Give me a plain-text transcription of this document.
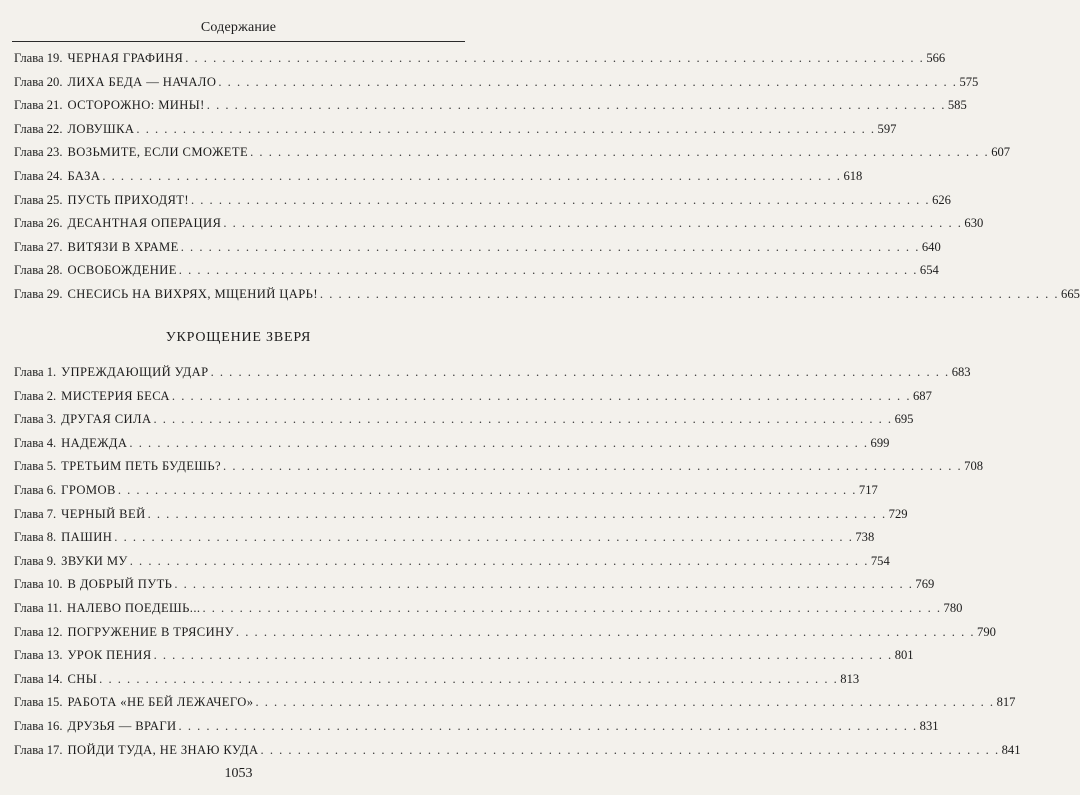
Содержание
Глава 19. ЧЕРНАЯ ГРАФИНЯ . . . . . . . . . . . . . . . . . . . . . . . . . . . . . . . . . . . . . . . . . . . . . . . . . . . . . . . . . . . . . . . . . . . . . . . . . . . . . . . . 566
Глава 20. ЛИХА БЕДА — НАЧАЛО . . . . . . . . . . . . . . . . . . . . . . . . . . . . . . . . . . . . . . . . . . . . . . . . . . . . . . . . . . . . . . . . . . . . . . . . . . . . . . . . 575
Глава 21. ОСТОРОЖНО: МИНЫ! . . . . . . . . . . . . . . . . . . . . . . . . . . . . . . . . . . . . . . . . . . . . . . . . . . . . . . . . . . . . . . . . . . . . . . . . . . . . . . . . 585
Глава 22. ЛОВУШКА . . . . . . . . . . . . . . . . . . . . . . . . . . . . . . . . . . . . . . . . . . . . . . . . . . . . . . . . . . . . . . . . . . . . . . . . . . . . . . . . 597
Глава 23. ВОЗЬМИТЕ, ЕСЛИ СМОЖЕТЕ . . . . . . . . . . . . . . . . . . . . . . . . . . . . . . . . . . . . . . . . . . . . . . . . . . . . . . . . . . . . . . . . . . . . . . . . . . . . . . . . 607
Глава 24. БАЗА . . . . . . . . . . . . . . . . . . . . . . . . . . . . . . . . . . . . . . . . . . . . . . . . . . . . . . . . . . . . . . . . . . . . . . . . . . . . . . . . 618
Глава 25. ПУСТЬ ПРИХОДЯТ! . . . . . . . . . . . . . . . . . . . . . . . . . . . . . . . . . . . . . . . . . . . . . . . . . . . . . . . . . . . . . . . . . . . . . . . . . . . . . . . . 626
Глава 26. ДЕСАНТНАЯ ОПЕРАЦИЯ . . . . . . . . . . . . . . . . . . . . . . . . . . . . . . . . . . . . . . . . . . . . . . . . . . . . . . . . . . . . . . . . . . . . . . . . . . . . . . . . 630
Глава 27. ВИТЯЗИ В ХРАМЕ . . . . . . . . . . . . . . . . . . . . . . . . . . . . . . . . . . . . . . . . . . . . . . . . . . . . . . . . . . . . . . . . . . . . . . . . . . . . . . . . 640
Глава 28. ОСВОБОЖДЕНИЕ . . . . . . . . . . . . . . . . . . . . . . . . . . . . . . . . . . . . . . . . . . . . . . . . . . . . . . . . . . . . . . . . . . . . . . . . . . . . . . . . 654
Глава 29. СНЕСИСЬ НА ВИХРЯХ, МЩЕНИЙ ЦАРЬ! . . . . . . . . . . . . . . . . . . . . . . . . . . . . . . . . . . . . . . . . . . . . . . . . . . . . . . . . . . . . . . . . . . . . . . . . . . . . . . . . 665
УКРОЩЕНИЕ ЗВЕРЯ
Глава 1. УПРЕЖДАЮЩИЙ УДАР . . . . . . . . . . . . . . . . . . . . . . . . . . . . . . . . . . . . . . . . . . . . . . . . . . . . . . . . . . . . . . . . . . . . . . . . . . . . . . . . 683
Глава 2. МИСТЕРИЯ БЕСА . . . . . . . . . . . . . . . . . . . . . . . . . . . . . . . . . . . . . . . . . . . . . . . . . . . . . . . . . . . . . . . . . . . . . . . . . . . . . . . . 687
Глава 3. ДРУГАЯ СИЛА . . . . . . . . . . . . . . . . . . . . . . . . . . . . . . . . . . . . . . . . . . . . . . . . . . . . . . . . . . . . . . . . . . . . . . . . . . . . . . . . 695
Глава 4. НАДЕЖДА . . . . . . . . . . . . . . . . . . . . . . . . . . . . . . . . . . . . . . . . . . . . . . . . . . . . . . . . . . . . . . . . . . . . . . . . . . . . . . . . 699
Глава 5. ТРЕТЬИМ ПЕТЬ БУДЕШЬ? . . . . . . . . . . . . . . . . . . . . . . . . . . . . . . . . . . . . . . . . . . . . . . . . . . . . . . . . . . . . . . . . . . . . . . . . . . . . . . . . 708
Глава 6. ГРОМОВ . . . . . . . . . . . . . . . . . . . . . . . . . . . . . . . . . . . . . . . . . . . . . . . . . . . . . . . . . . . . . . . . . . . . . . . . . . . . . . . . 717
Глава 7. ЧЕРНЫЙ ВЕЙ . . . . . . . . . . . . . . . . . . . . . . . . . . . . . . . . . . . . . . . . . . . . . . . . . . . . . . . . . . . . . . . . . . . . . . . . . . . . . . . . 729
Глава 8. ПАШИН . . . . . . . . . . . . . . . . . . . . . . . . . . . . . . . . . . . . . . . . . . . . . . . . . . . . . . . . . . . . . . . . . . . . . . . . . . . . . . . . 738
Глава 9. ЗВУКИ МУ . . . . . . . . . . . . . . . . . . . . . . . . . . . . . . . . . . . . . . . . . . . . . . . . . . . . . . . . . . . . . . . . . . . . . . . . . . . . . . . . 754
Глава 10. В ДОБРЫЙ ПУТЬ . . . . . . . . . . . . . . . . . . . . . . . . . . . . . . . . . . . . . . . . . . . . . . . . . . . . . . . . . . . . . . . . . . . . . . . . . . . . . . . . 769
Глава 11. НАЛЕВО ПОЕДЕШЬ... . . . . . . . . . . . . . . . . . . . . . . . . . . . . . . . . . . . . . . . . . . . . . . . . . . . . . . . . . . . . . . . . . . . . . . . . . . . . . . . . 780
Глава 12. ПОГРУЖЕНИЕ В ТРЯСИНУ . . . . . . . . . . . . . . . . . . . . . . . . . . . . . . . . . . . . . . . . . . . . . . . . . . . . . . . . . . . . . . . . . . . . . . . . . . . . . . . . 790
Глава 13. УРОК ПЕНИЯ . . . . . . . . . . . . . . . . . . . . . . . . . . . . . . . . . . . . . . . . . . . . . . . . . . . . . . . . . . . . . . . . . . . . . . . . . . . . . . . . 801
Глава 14. СНЫ . . . . . . . . . . . . . . . . . . . . . . . . . . . . . . . . . . . . . . . . . . . . . . . . . . . . . . . . . . . . . . . . . . . . . . . . . . . . . . . . 813
Глава 15. РАБОТА «НЕ БЕЙ ЛЕЖАЧЕГО» . . . . . . . . . . . . . . . . . . . . . . . . . . . . . . . . . . . . . . . . . . . . . . . . . . . . . . . . . . . . . . . . . . . . . . . . . . . . . . . . 817
Глава 16. ДРУЗЬЯ — ВРАГИ . . . . . . . . . . . . . . . . . . . . . . . . . . . . . . . . . . . . . . . . . . . . . . . . . . . . . . . . . . . . . . . . . . . . . . . . . . . . . . . . 831
Глава 17. ПОЙДИ ТУДА, НЕ ЗНАЮ КУДА . . . . . . . . . . . . . . . . . . . . . . . . . . . . . . . . . . . . . . . . . . . . . . . . . . . . . . . . . . . . . . . . . . . . . . . . . . . . . . . . 841
1053
